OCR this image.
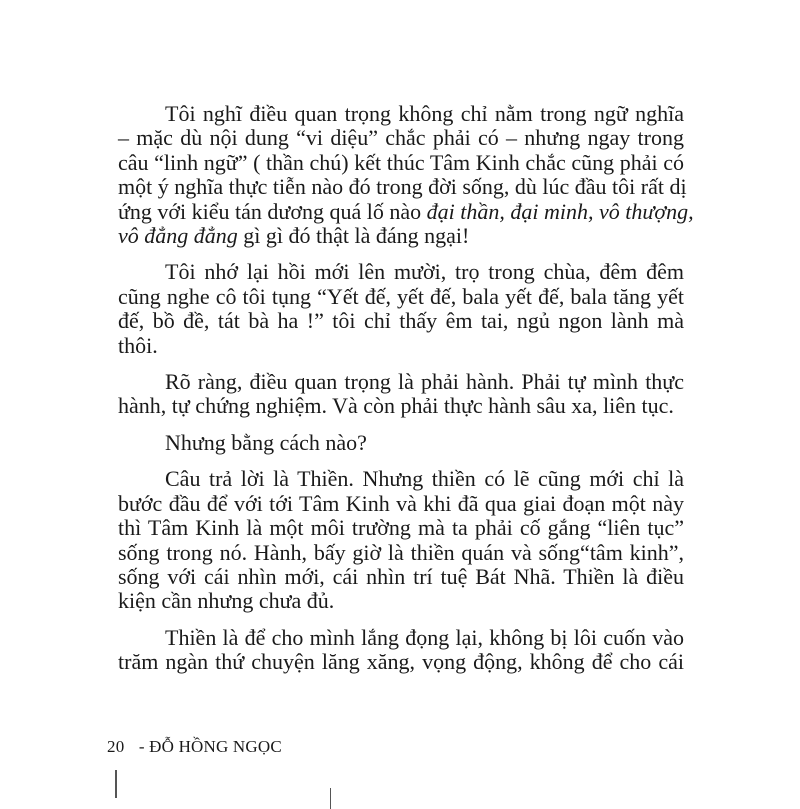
Tôi nghĩ điều quan trọng không chỉ nằm trong ngữ nghĩa
– mặc dù nội dung “vi diệu” chắc phải có – nhưng ngay trong
câu “linh ngữ” ( thần chú) kết thúc Tâm Kinh chắc cũng phải có
một ý nghĩa thực tiễn nào đó trong đời sống, dù lúc đầu tôi rất dị
ứng với kiểu tán dương quá lố nào đại thần, đại minh, vô thượng,
vô đẳng đẳng gì gì đó thật là đáng ngại!

Tôi nhớ lại hồi mới lên mười, trọ trong chùa, đêm đêm
cũng nghe cô tôi tụng “Yết đế, yết đế, bala yết đế, bala tăng yết
đế, bồ đề, tát bà ha !” tôi chỉ thấy êm tai, ngủ ngon lành mà
thôi.

Rõ ràng, điều quan trọng là phải hành. Phải tự mình thực
hành, tự chứng nghiệm. Và còn phải thực hành sâu xa, liên tục.

Nhưng bằng cách nào?

Câu trả lời là Thiền. Nhưng thiền có lẽ cũng mới chỉ là
bước đầu để với tới Tâm Kinh và khi đã qua giai đoạn một này
thì Tâm Kinh là một môi trường mà ta phải cố gắng “liên tục”
sống trong nó. Hành, bấy giờ là thiền quán và sống“tâm kinh”,
sống với cái nhìn mới, cái nhìn trí tuệ Bát Nhã. Thiền là điều
kiện cần nhưng chưa đủ.

Thiền là để cho mình lắng đọng lại, không bị lôi cuốn vào
trăm ngàn thứ chuyện lăng xăng, vọng động, không để cho cái

20 - ĐỖ HỒNG NGỌC
